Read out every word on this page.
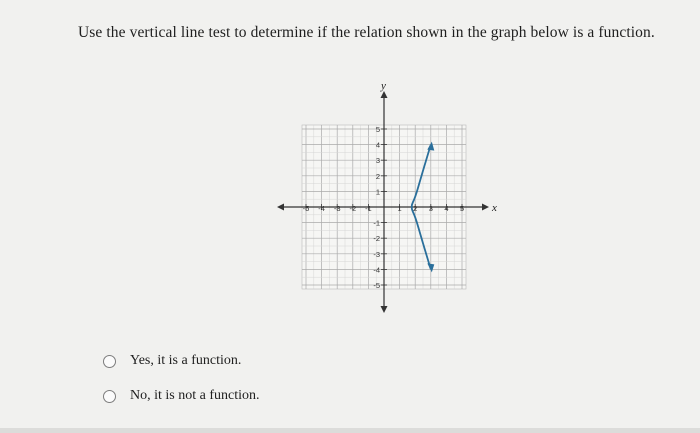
Use the vertical line test to determine if the relation shown in the graph below is a function.
x
y
-5 -4 -3 -2 -1	1 2 3 4 5
5
4
3
2
1
-1
-2
-3
-4
-5
Yes, it is a function.
No, it is not a function.
